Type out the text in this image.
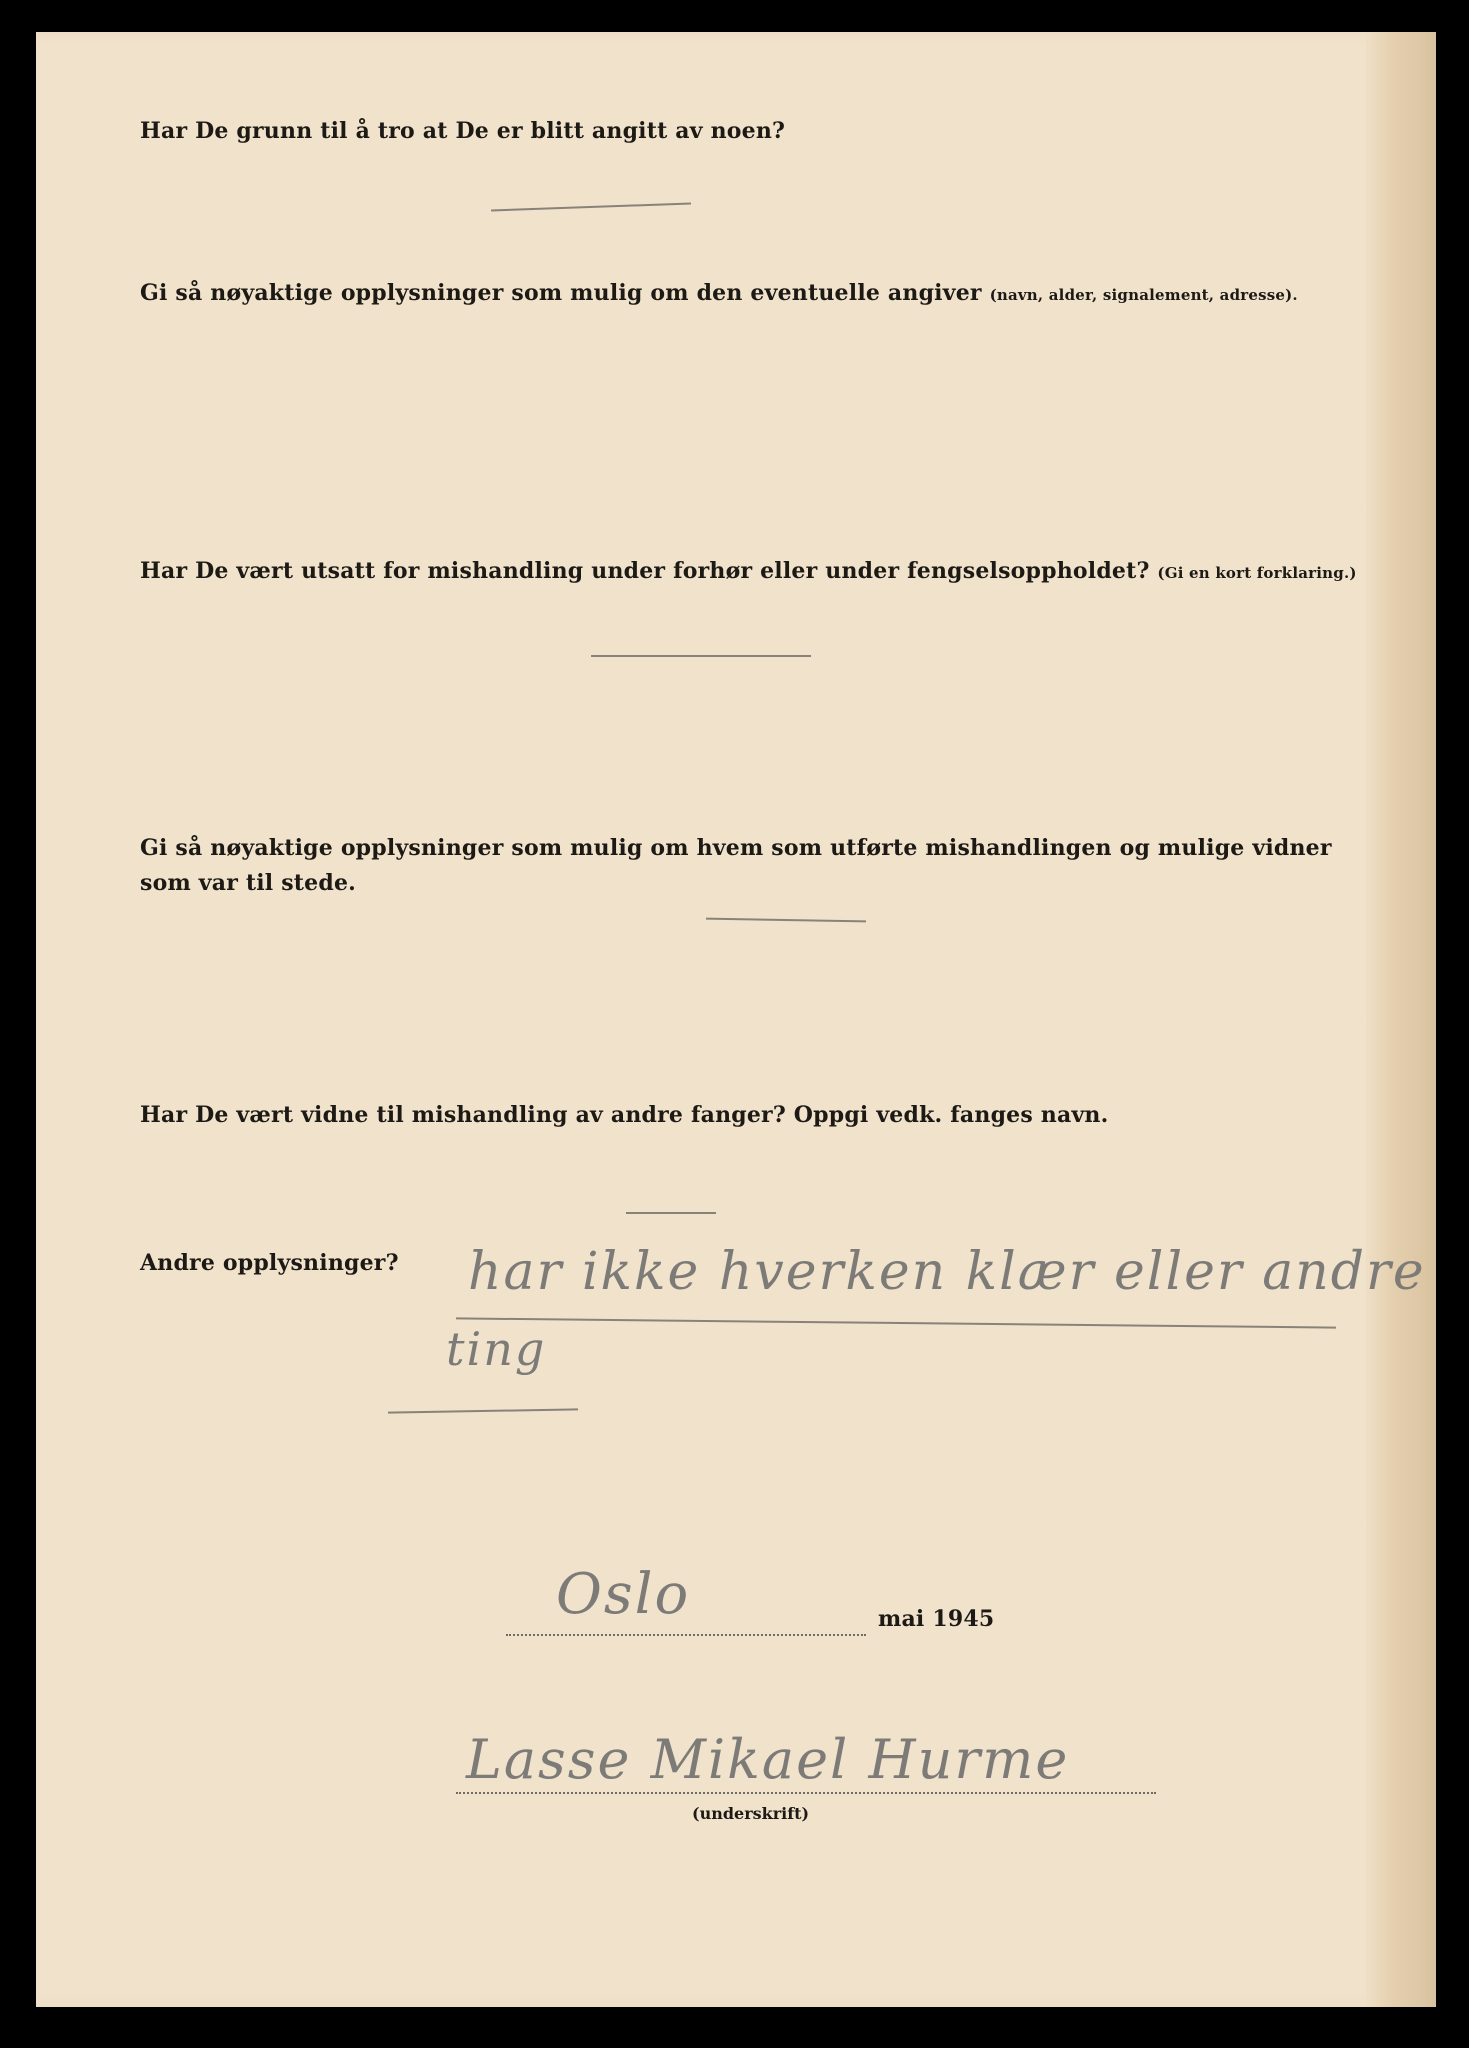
Har De grunn til å tro at De er blitt angitt av noen?

Gi så nøyaktige opplysninger som mulig om den eventuelle angiver (navn, alder, signalement, adresse).

Har De vært utsatt for mishandling under forhør eller under fengselsoppholdet? (Gi en kort forklaring.)

Gi så nøyaktige opplysninger som mulig om hvem som utførte mishandlingen og mulige vidner
som var til stede.

Har De vært vidne til mishandling av andre fanger? Oppgi vedk. fanges navn.

Andre opplysninger? har ikke hverken klær eller andre
ting
Oslo	mai 1945

Lasse Mikael Hurme
(underskrift)
